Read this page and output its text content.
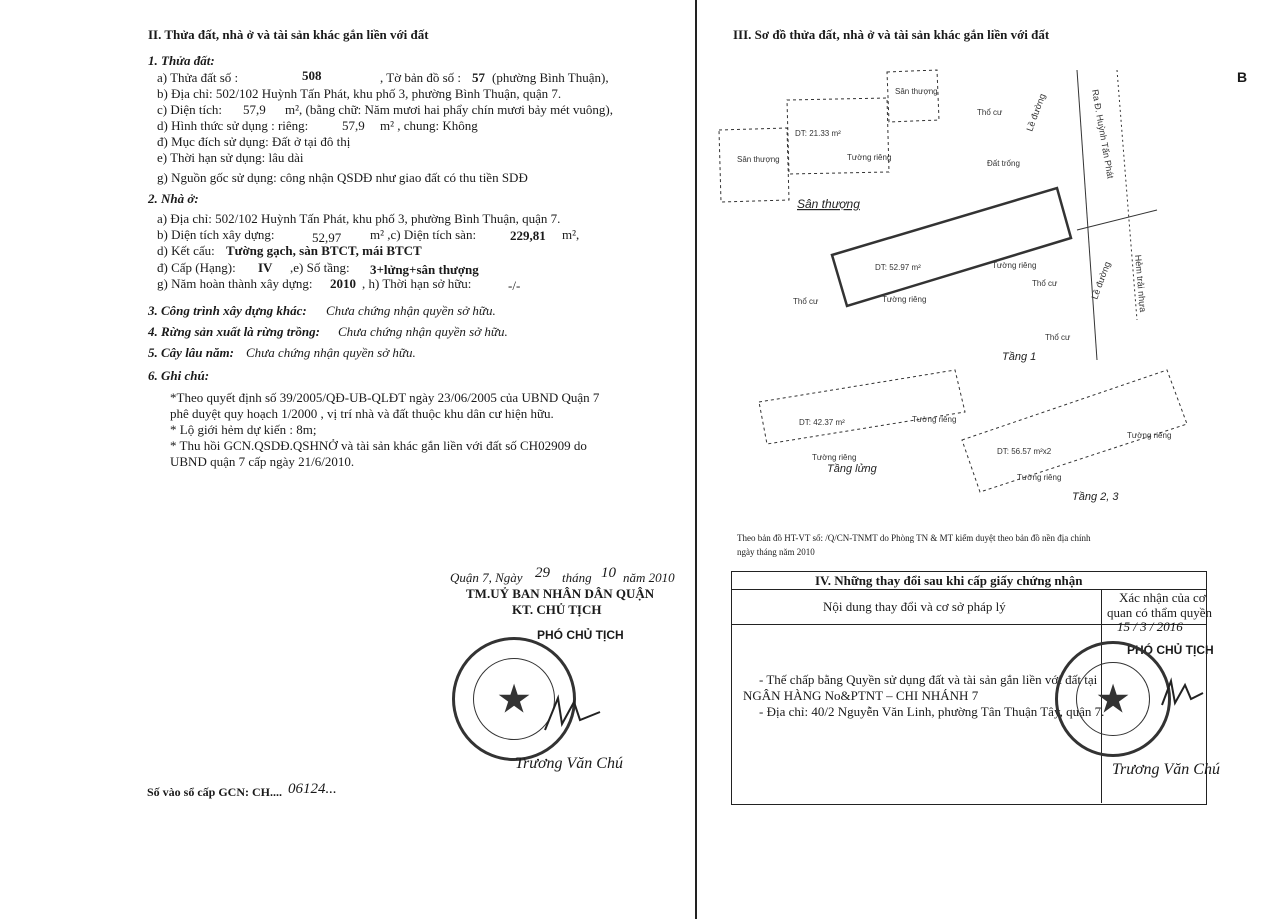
II. Thửa đất, nhà ở và tài sản khác gắn liền với đất
1. Thửa đất:
a) Thửa đất số :	508	, Tờ bản đồ số : 57 (phường Bình Thuận),
b) Địa chỉ: 502/102 Huỳnh Tấn Phát, khu phố 3, phường Bình Thuận, quận 7.
c) Diện tích: 57,9 m², (bằng chữ: Năm mươi hai phẩy chín mươi bảy mét vuông),
d) Hình thức sử dụng : riêng:	57,9 m² , chung: Không
đ) Mục đích sử dụng: Đất ở tại đô thị
e) Thời hạn sử dụng: lâu dài
g) Nguồn gốc sử dụng: công nhận QSDĐ như giao đất có thu tiền SDĐ
2. Nhà ở:
a) Địa chỉ: 502/102 Huỳnh Tấn Phát, khu phố 3, phường Bình Thuận, quận 7.
b) Diện tích xây dựng:	52,97 m² ,c) Diện tích sàn:	229,81 m²,
d) Kết cấu: Tường gạch, sàn BTCT, mái BTCT
đ) Cấp (Hạng): IV ,e) Số tầng: 3+lửng+sân thượng
g) Năm hoàn thành xây dựng: 2010 , h) Thời hạn sở hữu:	-/-
3. Công trình xây dựng khác: Chưa chứng nhận quyền sở hữu.
4. Rừng sản xuất là rừng trồng: Chưa chứng nhận quyền sở hữu.
5. Cây lâu năm: Chưa chứng nhận quyền sở hữu.
6. Ghi chú:
*Theo quyết định số 39/2005/QĐ-UB-QLĐT ngày 23/06/2005 của UBND Quận 7
phê duyệt quy hoạch 1/2000 , vị trí nhà và đất thuộc khu dân cư hiện hữu.
* Lộ giới hẻm dự kiến : 8m;
* Thu hồi GCN.QSDĐ.QSHNỞ và tài sản khác gắn liền với đất số CH02909 do
UBND quận 7 cấp ngày 21/6/2010.
Quận 7, Ngày 29 tháng 10 năm 2010
TM.UỶ BAN NHÂN DÂN QUẬN
KT. CHỦ TỊCH
PHÓ CHỦ TỊCH
★
Trương Văn Chú
Số vào sổ cấp GCN: CH.... 06124...
III. Sơ đồ thửa đất, nhà ở và tài sản khác gắn liền với đất
B
DT: 21.33 m²
Sân thượng
Sân thượng	Tường riêng
Đất trống
Thổ cư
DT: 52.97 m²	Tường riêng
Tường riêng
Thổ cư
Thổ cư
Thổ cư
DT: 42.37 m²
DT: 56.57 m²x2
Tường riêng
Tường riêng
Tường riêng
Tường riêng
Ra Đ. Huỳnh Tấn Phát
Hẻm trải nhựa
Lề đường
Lề đường
Sân thượng
Tầng 1
Tầng lửng
Tầng 2, 3
Theo bản đồ HT-VT số: /Q/CN-TNMT do Phòng TN & MT kiểm duyệt theo bản đồ nền địa chính
ngày tháng năm 2010
IV. Những thay đổi sau khi cấp giấy chứng nhận
Nội dung thay đổi và cơ sở pháp lý
Xác nhận của cơ
quan có thẩm quyền
15 / 3 / 2016
PHÓ CHỦ TỊCH
- Thế chấp bằng Quyền sử dụng đất và tài sản gắn liền với đất tại
NGÂN HÀNG No&PTNT – CHI NHÁNH 7
- Địa chỉ: 40/2 Nguyễn Văn Linh, phường Tân Thuận Tây, quận 7.
★
Trương Văn Chú
